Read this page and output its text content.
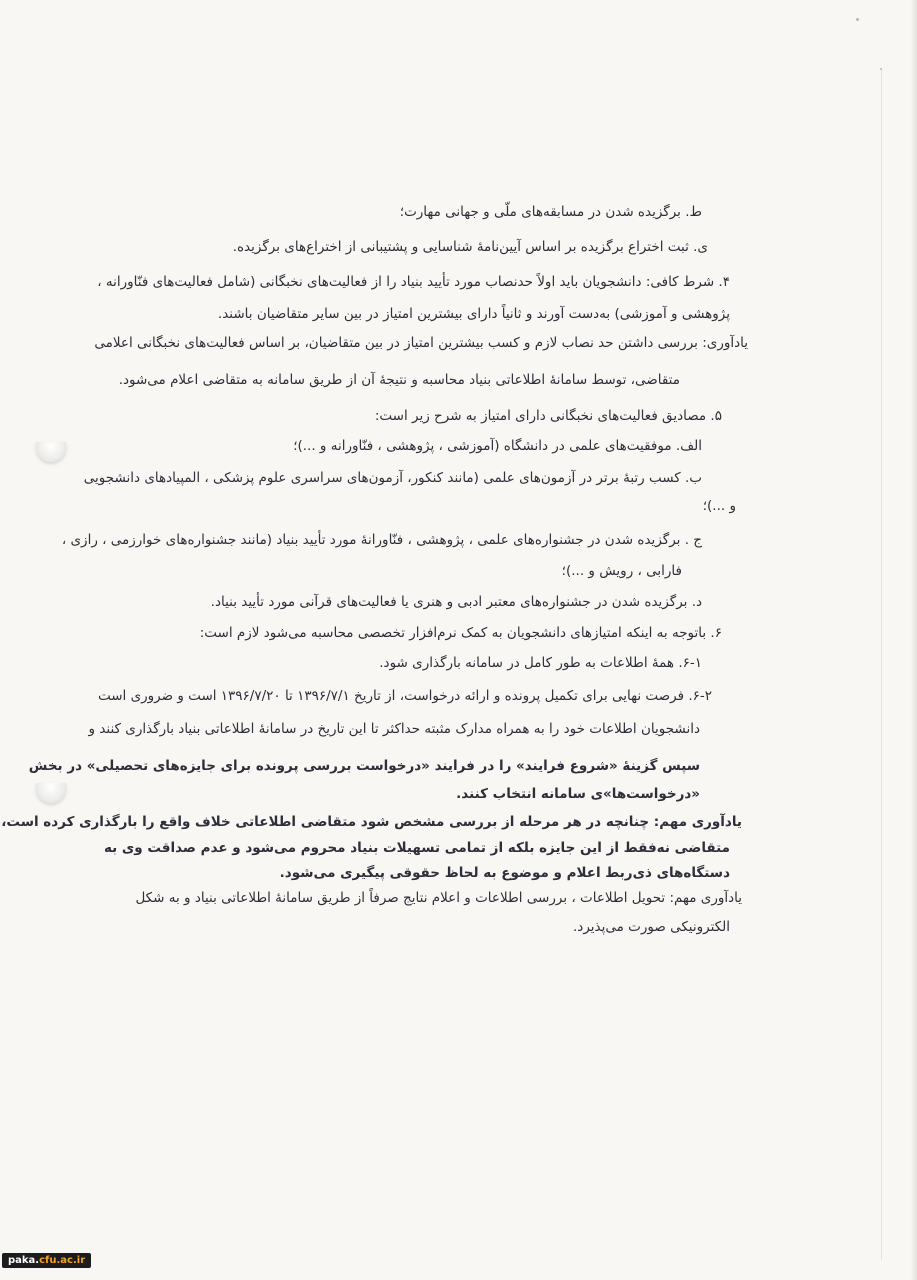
ط. برگزیده شدن در مسابقه‌های ملّی و جهانی مهارت؛
ی. ثبت اختراع برگزیده بر اساس آیین‌نامۀ شناسایی و پشتیبانی از اختراع‌های برگزیده.
۴. شرط کافی: دانشجویان باید اولاً حدنصاب مورد تأیید بنیاد را از فعالیت‌های نخبگانی (شامل فعالیت‌های فنّاورانه ،
پژوهشی و آموزشی) به‌دست آورند و ثانیاً دارای بیشترین امتیاز در بین سایر متقاضیان باشند.
یادآوری: بررسی داشتن حد نصاب لازم و کسب بیشترین امتیاز در بین متقاضیان، بر اساس فعالیت‌های نخبگانی اعلامی
متقاضی، توسط سامانۀ اطلاعاتی بنیاد محاسبه و نتیجۀ آن از طریق سامانه به متقاضی اعلام می‌شود.
۵. مصادیق فعالیت‌های نخبگانی دارای امتیاز به شرح زیر است:
الف. موفقیت‌های علمی در دانشگاه (آموزشی ، پژوهشی ، فنّاورانه و ...)؛
ب. کسب رتبۀ برتر در آزمون‌های علمی (مانند کنکور، آزمون‌های سراسری علوم پزشکی ، المپیادهای دانشجویی
و ...)؛
ج . برگزیده شدن در جشنواره‌های علمی ، پژوهشی ، فنّاورانۀ مورد تأیید بنیاد (مانند جشنواره‌های خوارزمی ، رازی ،
فارابی ، رویش و ...)؛
د. برگزیده شدن در جشنواره‌های معتبر ادبی و هنری یا فعالیت‌های قرآنی مورد تأیید بنیاد.
۶. باتوجه به اینکه امتیازهای دانشجویان به کمک نرم‌افزار تخصصی محاسبه می‌شود لازم است:
۶-۱. همۀ اطلاعات به طور کامل در سامانه بارگذاری شود.
۶-۲. فرصت نهایی برای تکمیل پرونده و ارائه درخواست، از تاریخ ۱۳۹۶/۷/۱ تا ۱۳۹۶/۷/۲۰ است و ضروری است
دانشجویان اطلاعات خود را به همراه مدارک مثبته حداکثر تا این تاریخ در سامانۀ اطلاعاتی بنیاد بارگذاری کنند و
سپس گزینۀ «شروع فرایند» را در فرایند «درخواست بررسی پرونده برای جایزه‌های تحصیلی» در بخش
«درخواست‌ها»ی سامانه انتخاب کنند.
یادآوری مهم: چنانچه در هر مرحله از بررسی مشخص شود متقاضی اطلاعاتی خلاف واقع را بارگذاری کرده است،
متقاضی نه‌فقط از این جایزه بلکه از تمامی تسهیلات بنیاد محروم می‌شود و عدم صداقت وی به
دستگاه‌های ذی‌ربط اعلام و موضوع به لحاظ حقوقی پیگیری می‌شود.
یادآوری مهم: تحویل اطلاعات ، بررسی اطلاعات و اعلام نتایج صرفاً از طریق سامانۀ اطلاعاتی بنیاد و به شکل
الکترونیکی صورت می‌پذیرد.
paka.cfu.ac.ir
